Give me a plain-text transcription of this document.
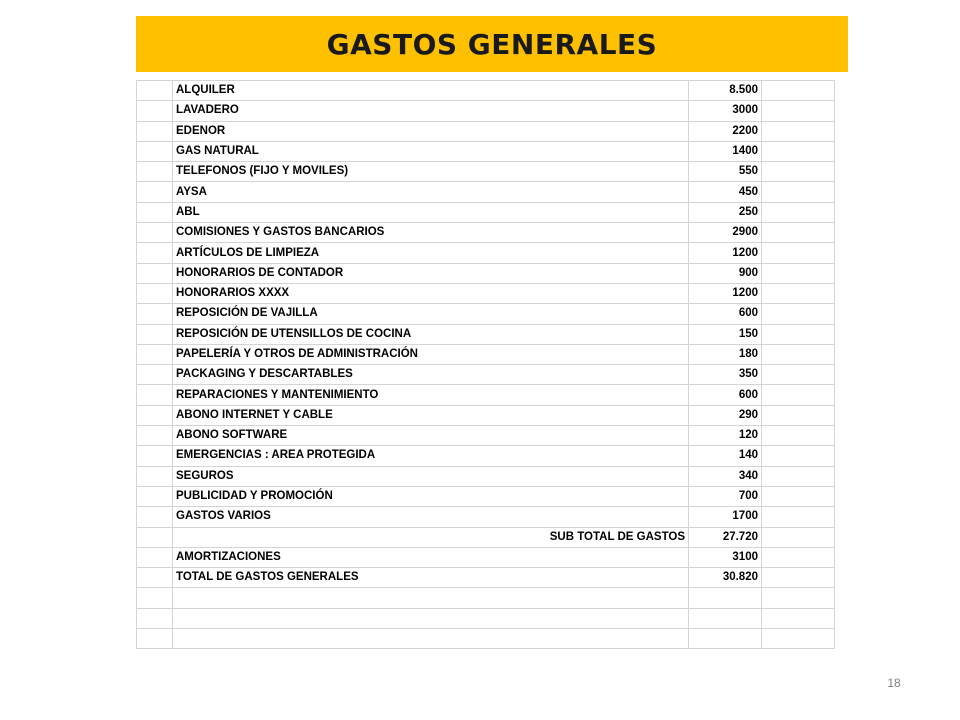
GASTOS GENERALES
	ALQUILER	8.500	
	LAVADERO	3000	
	EDENOR	2200	
	GAS NATURAL	1400	
	TELEFONOS (FIJO Y MOVILES)	550	
	AYSA	450	
	ABL	250	
	COMISIONES Y GASTOS BANCARIOS	2900	
	ARTÍCULOS DE LIMPIEZA	1200	
	HONORARIOS DE CONTADOR	900	
	HONORARIOS XXXX	1200	
	REPOSICIÓN DE VAJILLA	600	
	REPOSICIÓN DE UTENSILLOS DE COCINA	150	
	PAPELERÍA Y OTROS DE ADMINISTRACIÓN	180	
	PACKAGING Y DESCARTABLES	350	
	REPARACIONES Y MANTENIMIENTO	600	
	ABONO INTERNET Y CABLE	290	
	ABONO SOFTWARE	120	
	EMERGENCIAS : AREA PROTEGIDA	140	
	SEGUROS	340	
	PUBLICIDAD Y PROMOCIÓN	700	
	GASTOS VARIOS	1700	
	SUB TOTAL DE GASTOS	27.720	
	AMORTIZACIONES	3100	
	TOTAL DE GASTOS GENERALES	30.820	

18
